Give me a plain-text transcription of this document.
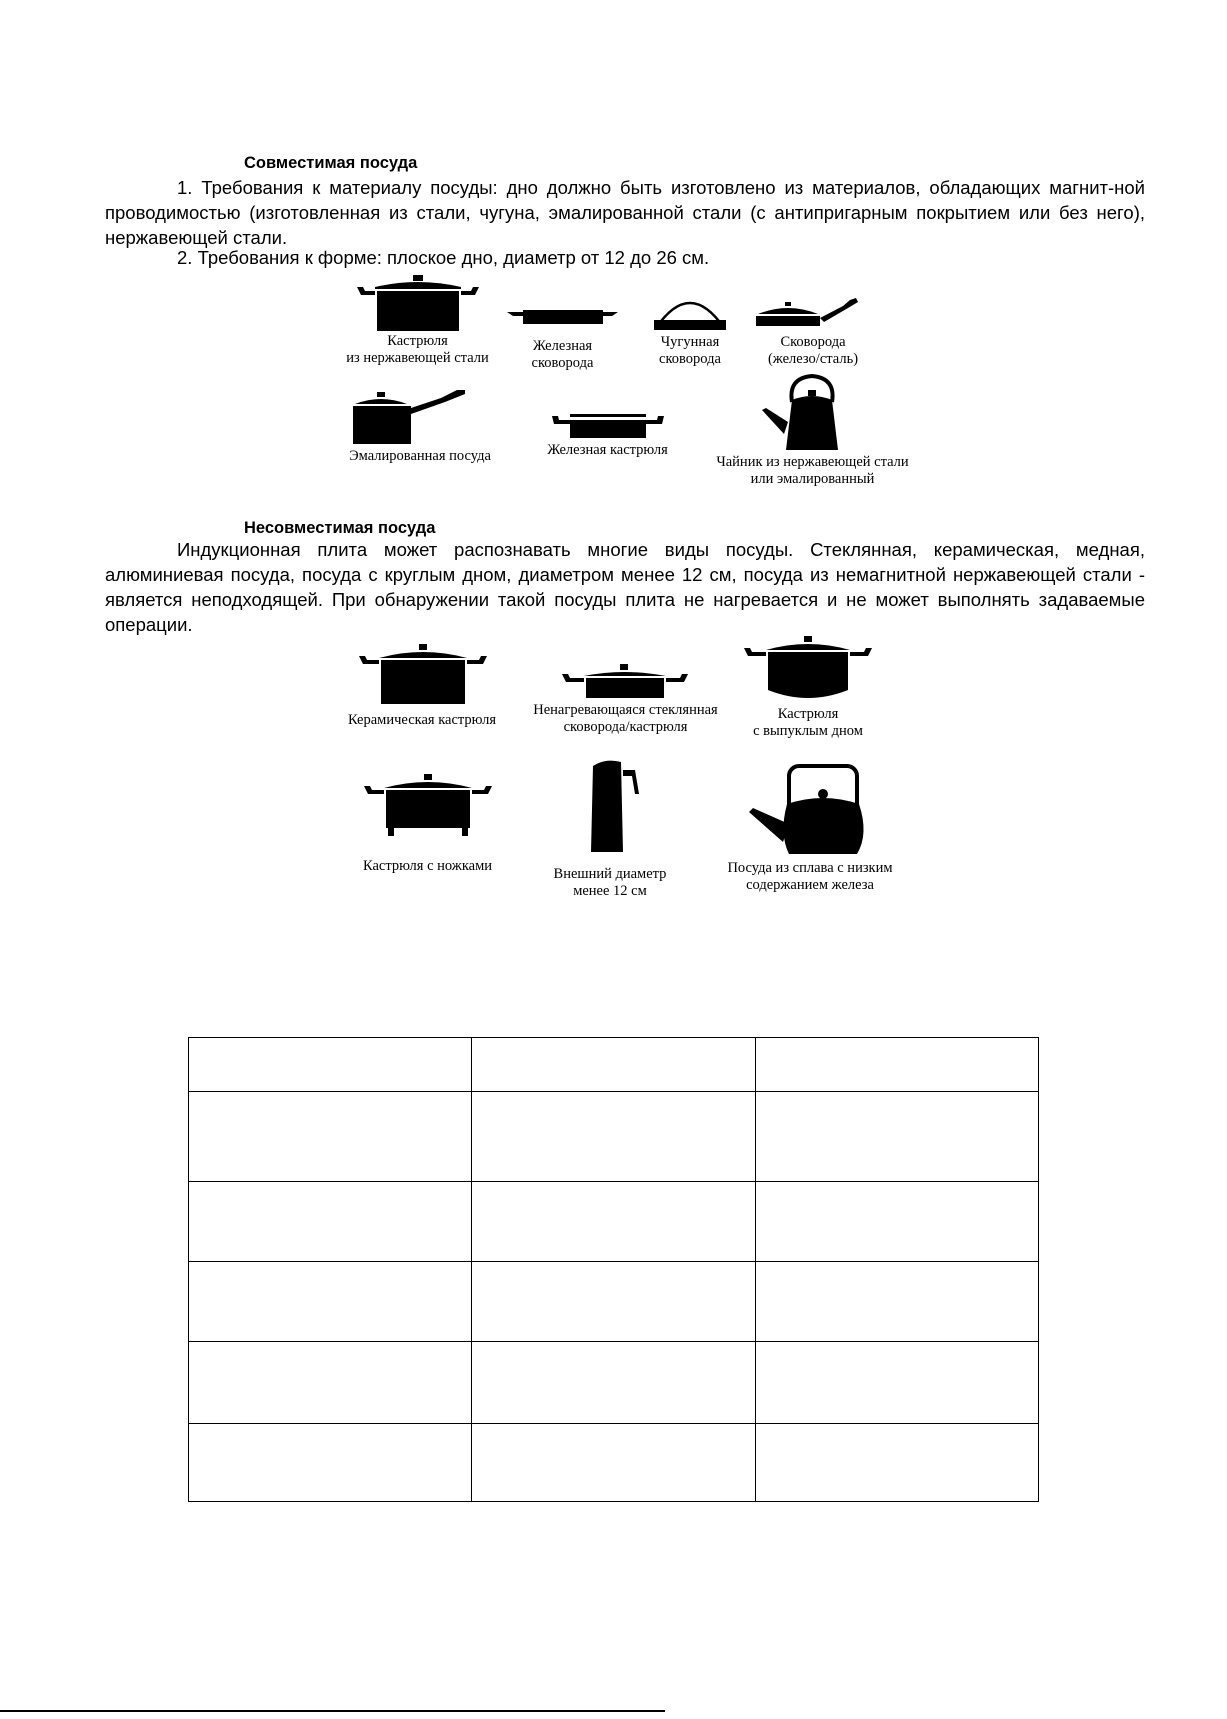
Совместимая посуда

1. Требования к материалу посуды: дно должно быть изготовлено из материалов, обладающих магнит-ной проводимостью (изготовленная из стали, чугуна, эмалированной стали (с антипригарным покрытием или без него), нержавеющей стали.

2. Требования к форме: плоское дно, диаметр от 12 до 26 см.

Кастрюля
из нержавеющей стали
Железная
сковорода
Чугунная
сковорода
Сковорода
(железо/сталь)
Эмалированная посуда	Железная кастрюля
Чайник из нержавеющей стали
или эмалированный
Несовместимая посуда

Индукционная плита может распознавать многие виды посуды. Стеклянная, керамическая, медная, алюминиевая посуда, посуда с круглым дном, диаметром менее 12 см, посуда из немагнитной нержавеющей стали - является неподходящей. При обнаружении такой посуды плита не нагревается и не может выполнять задаваемые операции.

Керамическая кастрюля
Ненагревающаяся стеклянная
сковорода/кастрюля
Кастрюля
с выпуклым дном
Кастрюля с ножками	Внешний диаметр
менее 12 см
Посуда из сплава с низким
содержанием железа
